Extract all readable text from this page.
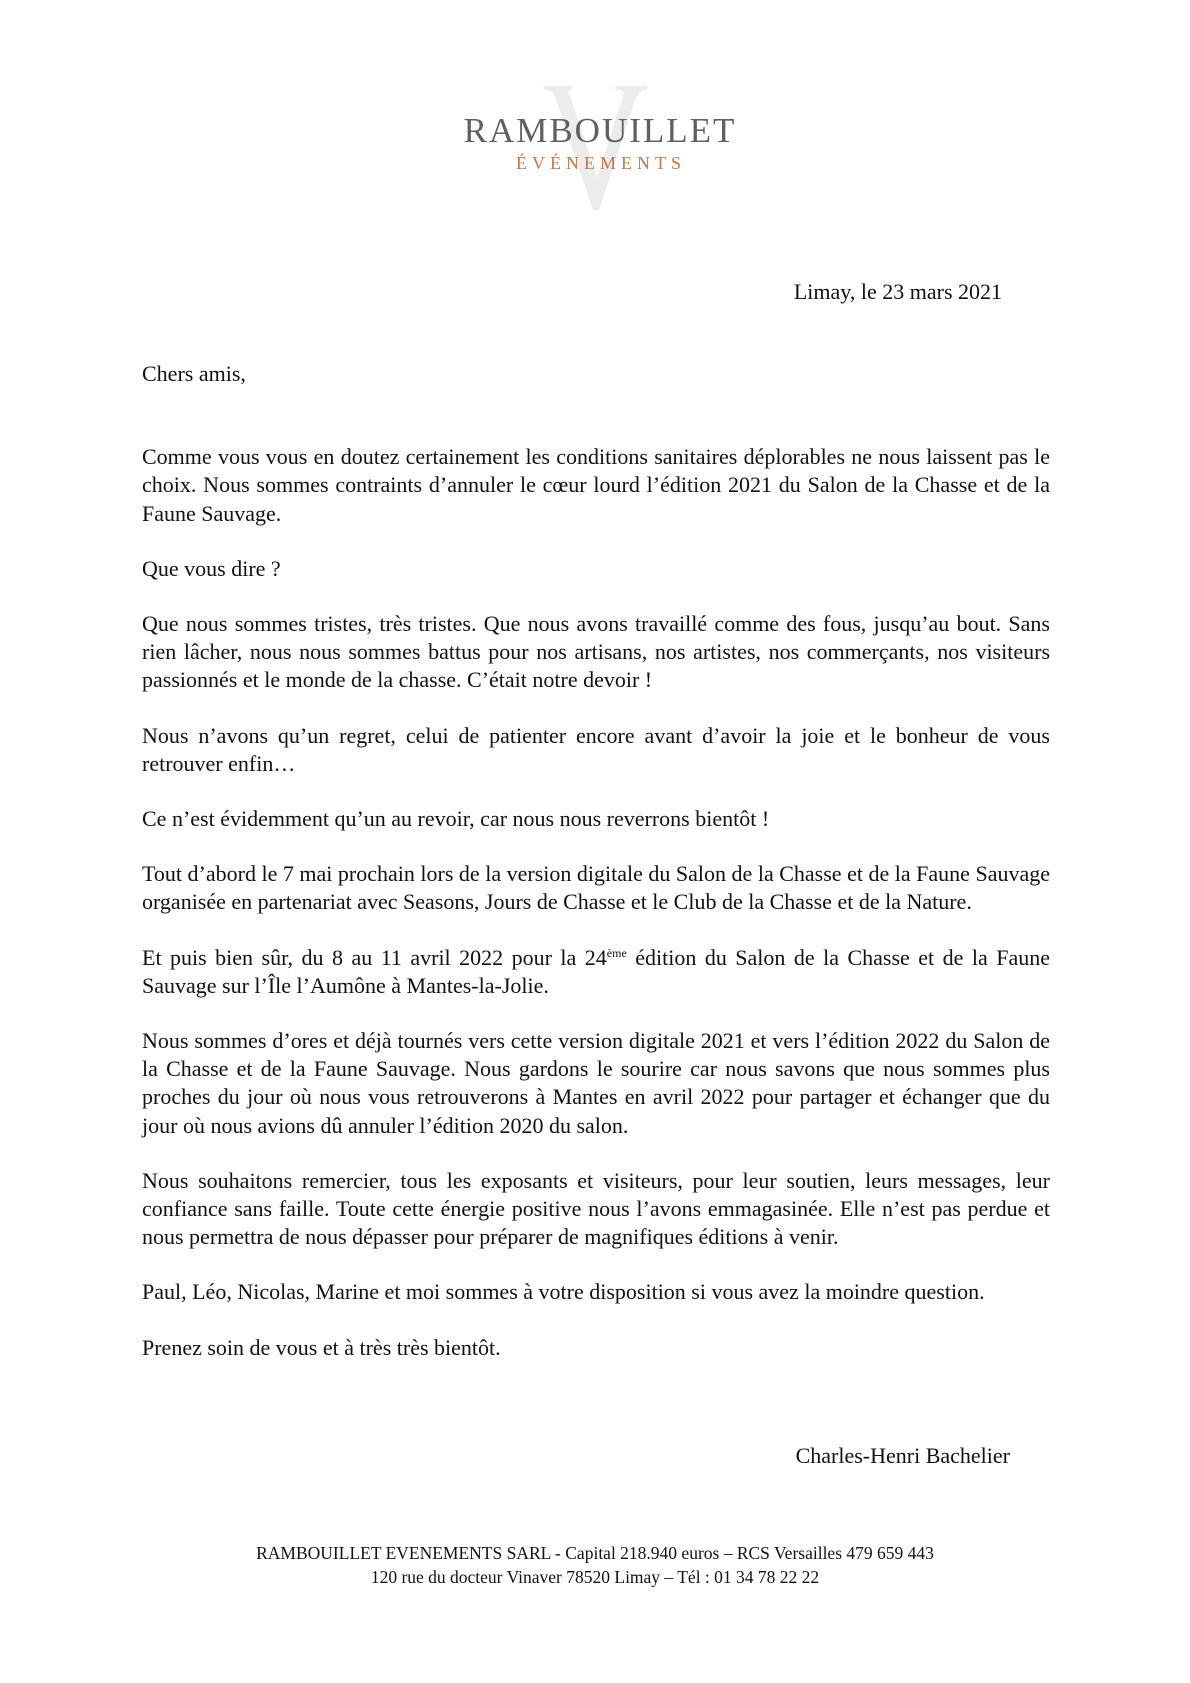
RAMBOUILLET
ÉVÉNEMENTS
Limay, le 23 mars 2021

Chers amis,

Comme vous vous en doutez certainement les conditions sanitaires déplorables ne nous laissent pas le choix. Nous sommes contraints d’annuler le cœur lourd l’édition 2021 du Salon de la Chasse et de la Faune Sauvage.

Que vous dire ?

Que nous sommes tristes, très tristes. Que nous avons travaillé comme des fous, jusqu’au bout. Sans rien lâcher, nous nous sommes battus pour nos artisans, nos artistes, nos commerçants, nos visiteurs passionnés et le monde de la chasse. C’était notre devoir !

Nous n’avons qu’un regret, celui de patienter encore avant d’avoir la joie et le bonheur de vous retrouver enfin…

Ce n’est évidemment qu’un au revoir, car nous nous reverrons bientôt !

Tout d’abord le 7 mai prochain lors de la version digitale du Salon de la Chasse et de la Faune Sauvage organisée en partenariat avec Seasons, Jours de Chasse et le Club de la Chasse et de la Nature.

Et puis bien sûr, du 8 au 11 avril 2022 pour la 24ème édition du Salon de la Chasse et de la Faune Sauvage sur l’Île l’Aumône à Mantes-la-Jolie.

Nous sommes d’ores et déjà tournés vers cette version digitale 2021 et vers l’édition 2022 du Salon de la Chasse et de la Faune Sauvage. Nous gardons le sourire car nous savons que nous sommes plus proches du jour où nous vous retrouverons à Mantes en avril 2022 pour partager et échanger que du jour où nous avions dû annuler l’édition 2020 du salon.

Nous souhaitons remercier, tous les exposants et visiteurs, pour leur soutien, leurs messages, leur confiance sans faille. Toute cette énergie positive nous l’avons emmagasinée. Elle n’est pas perdue et nous permettra de nous dépasser pour préparer de magnifiques éditions à venir.

Paul, Léo, Nicolas, Marine et moi sommes à votre disposition si vous avez la moindre question.

Prenez soin de vous et à très très bientôt.

Charles-Henri Bachelier
RAMBOUILLET EVENEMENTS SARL - Capital 218.940 euros – RCS Versailles 479 659 443
120 rue du docteur Vinaver 78520 Limay – Tél : 01 34 78 22 22
